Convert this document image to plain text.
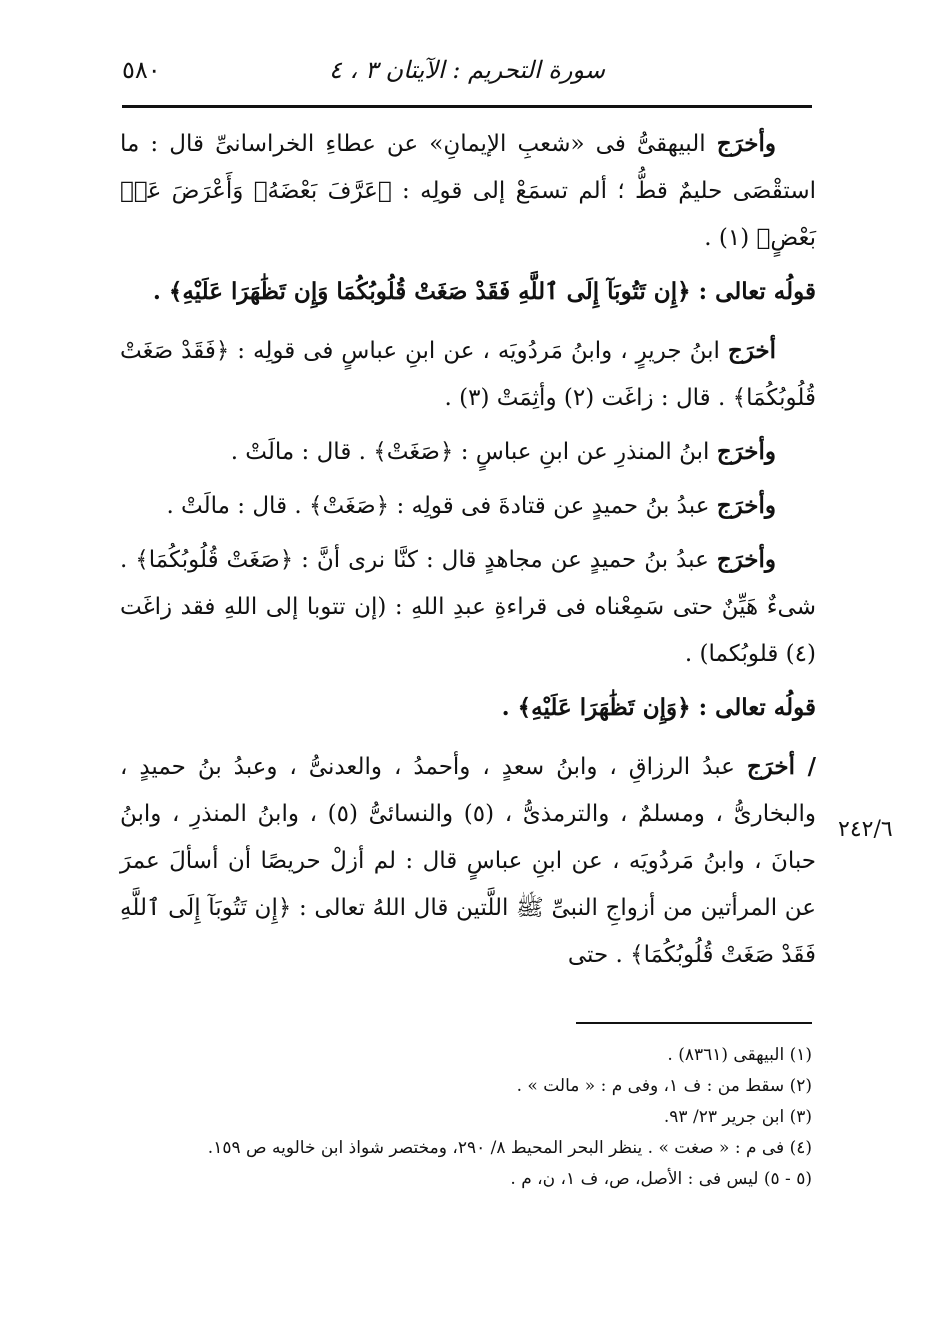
سورة التحريم : الآيتان ٣ ، ٤
٥٨٠

وأخرَج البيهقىُّ فى «شعبِ الإيمانِ» عن عطاءِ الخراسانىِّ قال : ما استقْصَى حليمٌ قطُّ ؛ ألم تسمَعْ إلى قولِه : ﴿عَرَّفَ بَعْضَهُۥ وَأَعْرَضَ عَنۢ بَعْضٍ﴾ (١) .

قولُه تعالى : ﴿إِن تَتُوبَآ إِلَى ٱللَّهِ فَقَدْ صَغَتْ قُلُوبُكُمَا وَإِن تَظَٰهَرَا عَلَيْهِ﴾ .

أخرَج ابنُ جريرٍ ، وابنُ مَردُويَه ، عن ابنِ عباسٍ فى قولِه : ﴿فَقَدْ صَغَتْ قُلُوبُكُمَا﴾ . قال : زاغَت (٢) وأثِمَتْ (٣) .

وأخرَج ابنُ المنذرِ عن ابنِ عباسٍ : ﴿صَغَتْ﴾ . قال : مالَتْ .

وأخرَج عبدُ بنُ حميدٍ عن قتادةَ فى قولِه : ﴿صَغَتْ﴾ . قال : مالَتْ .

وأخرَج عبدُ بنُ حميدٍ عن مجاهدٍ قال : كنَّا نرى أنَّ : ﴿صَغَتْ قُلُوبُكُمَا﴾ . شىءٌ هَيِّنٌ حتى سَمِعْناه فى قراءةِ عبدِ اللهِ : (إن تتوبا إلى اللهِ فقد زاغَت (٤) قلوبُكما) .

قولُه تعالى : ﴿وَإِن تَظَٰهَرَا عَلَيْهِ﴾ .

/ أخرَج عبدُ الرزاقِ ، وابنُ سعدٍ ، وأحمدُ ، والعدنىُّ ، وعبدُ بنُ حميدٍ ، والبخارىُّ ، ومسلمٌ ، والترمذىُّ ، (٥) والنسائىُّ (٥) ، وابنُ المنذرِ ، وابنُ حبانَ ، وابنُ مَردُويَه ، عن ابنِ عباسٍ قال : لم أزلْ حريصًا أن أسألَ عمرَ عن المرأتين من أزواجِ النبىِّ ﷺ اللَّتين قال اللهُ تعالى : ﴿إِن تَتُوبَآ إِلَى ٱللَّهِ فَقَدْ صَغَتْ قُلُوبُكُمَا﴾ . حتى

٢٤٢/٦

(١) البيهقى (٨٣٦١) .

(٢) سقط من : ف ١، وفى م : « مالت » .

(٣) ابن جرير ٢٣/ ٩٣.

(٤) فى م : « صغت » . ينظر البحر المحيط ٨/ ٢٩٠، ومختصر شواذ ابن خالويه ص ١٥٩.

(٥ - ٥) ليس فى : الأصل، ص، ف ١، ن، م .
